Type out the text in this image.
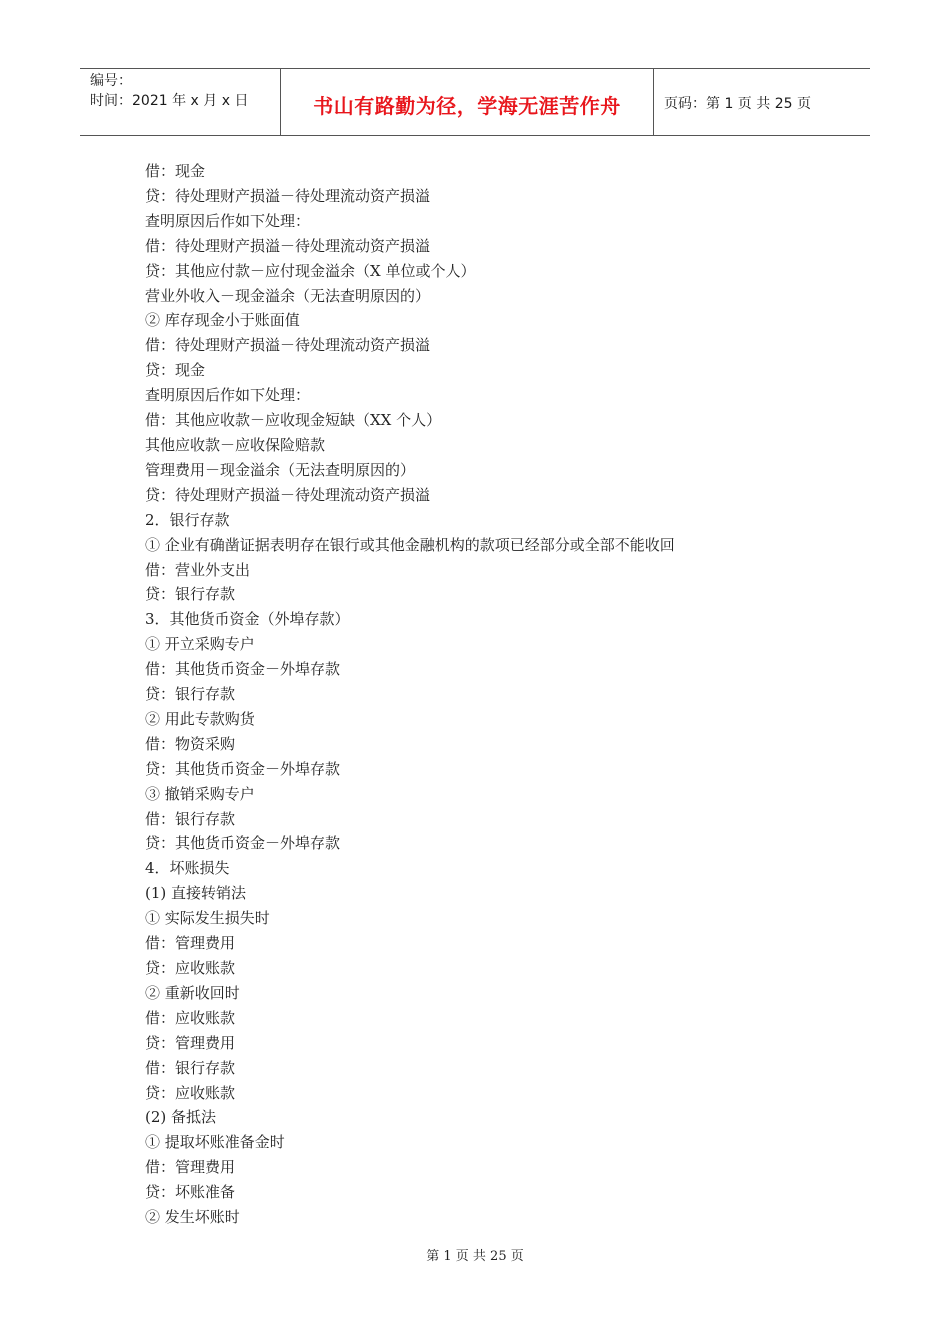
编号：
时间：2021 年 x 月 x 日	书山有路勤为径，学海无涯苦作舟	页码：第 1 页 共 25 页
借：现金
贷：待处理财产损溢－待处理流动资产损溢
查明原因后作如下处理：
借：待处理财产损溢－待处理流动资产损溢
贷：其他应付款－应付现金溢余（X 单位或个人）
营业外收入－现金溢余（无法查明原因的）
② 库存现金小于账面值
借：待处理财产损溢－待处理流动资产损溢
贷：现金
查明原因后作如下处理：
借：其他应收款－应收现金短缺（XX 个人）
其他应收款－应收保险赔款
管理费用－现金溢余（无法查明原因的）
贷：待处理财产损溢－待处理流动资产损溢
2．银行存款
① 企业有确凿证据表明存在银行或其他金融机构的款项已经部分或全部不能收回
借：营业外支出
贷：银行存款
3．其他货币资金（外埠存款）
① 开立采购专户
借：其他货币资金－外埠存款
贷：银行存款
② 用此专款购货
借：物资采购
贷：其他货币资金－外埠存款
③ 撤销采购专户
借：银行存款
贷：其他货币资金－外埠存款
4．坏账损失
(1) 直接转销法
① 实际发生损失时
借：管理费用
贷：应收账款
② 重新收回时
借：应收账款
贷：管理费用
借：银行存款
贷：应收账款
(2) 备抵法
① 提取坏账准备金时
借：管理费用
贷：坏账准备
② 发生坏账时
第 1 页 共 25 页
